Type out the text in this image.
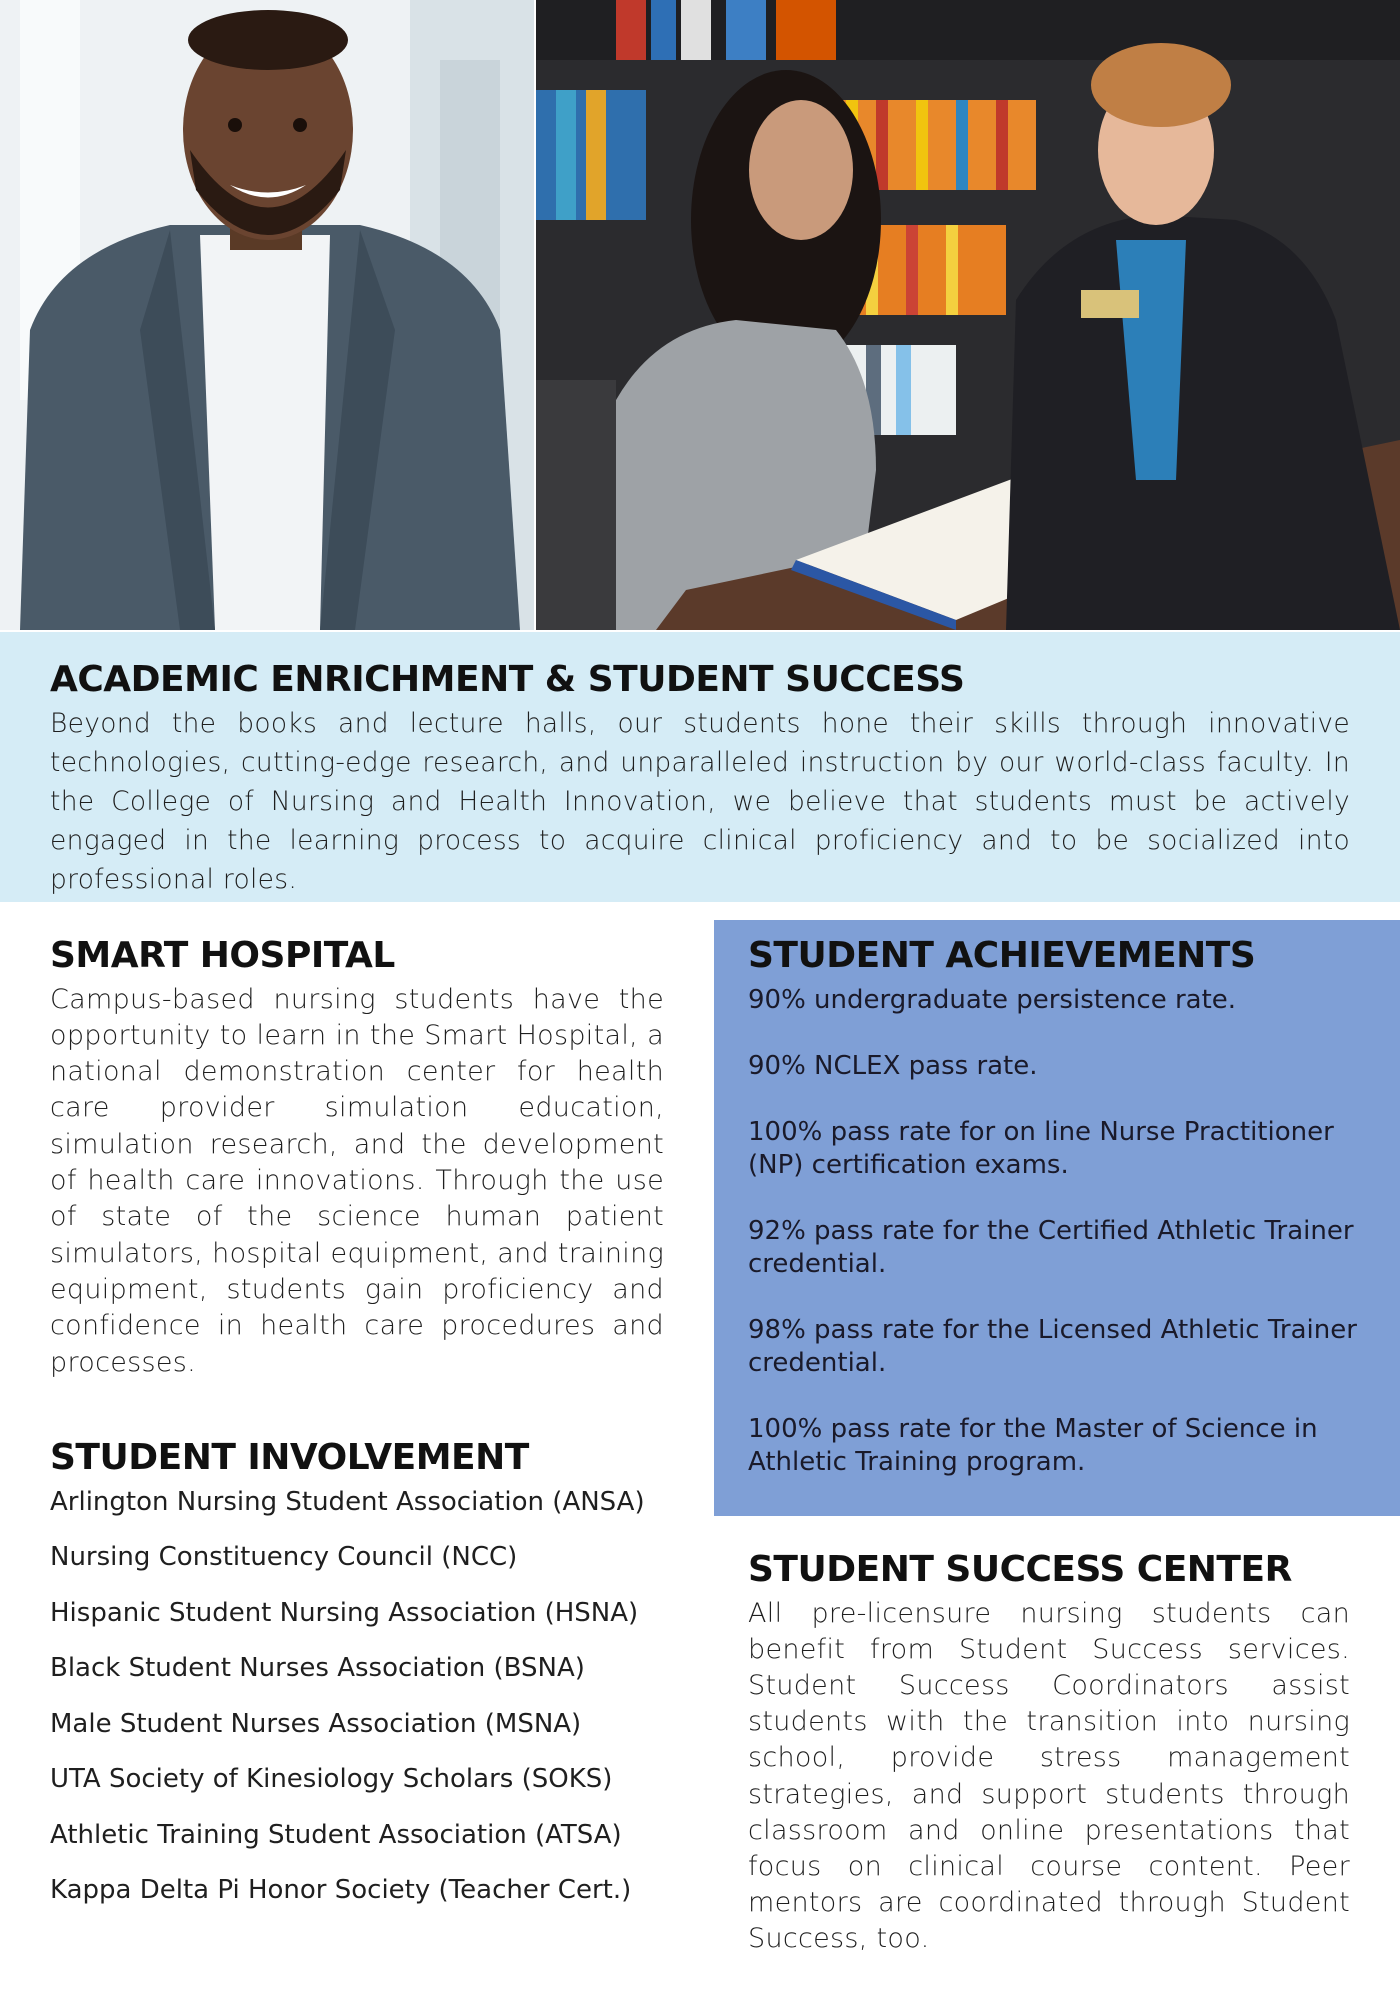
ACADEMIC ENRICHMENT & STUDENT SUCCESS

Beyond the books and lecture halls, our students hone their skills through innovative technologies, cutting-edge research, and unparalleled instruction by our world-class faculty. In the College of Nursing and Health Innovation, we believe that students must be actively engaged in the learning process to acquire clinical proficiency and to be socialized into professional roles.

SMART HOSPITAL

Campus-based nursing students have the opportunity to learn in the Smart Hospital, a national demonstration center for health care provider simulation education, simulation research, and the development of health care innovations. Through the use of state of the science human patient simulators, hospital equipment, and training equipment, students gain proficiency and confidence in health care procedures and processes.

STUDENT INVOLVEMENT
Arlington Nursing Student Association (ANSA)
Nursing Constituency Council (NCC)
Hispanic Student Nursing Association (HSNA)
Black Student Nurses Association (BSNA)
Male Student Nurses Association (MSNA)
UTA Society of Kinesiology Scholars (SOKS)
Athletic Training Student Association (ATSA)
Kappa Delta Pi Honor Society (Teacher Cert.)
STUDENT ACHIEVEMENTS
90% undergraduate persistence rate.
90% NCLEX pass rate.
100% pass rate for on line Nurse Practitioner (NP) certification exams.
92% pass rate for the Certified Athletic Trainer credential.
98% pass rate for the Licensed Athletic Trainer credential.
100% pass rate for the Master of Science in Athletic Training program.
STUDENT SUCCESS CENTER

All pre-licensure nursing students can benefit from Student Success services. Student Success Coordinators assist students with the transition into nursing school, provide stress management strategies, and support students through classroom and online presentations that focus on clinical course content. Peer mentors are coordinated through Student Success, too.
